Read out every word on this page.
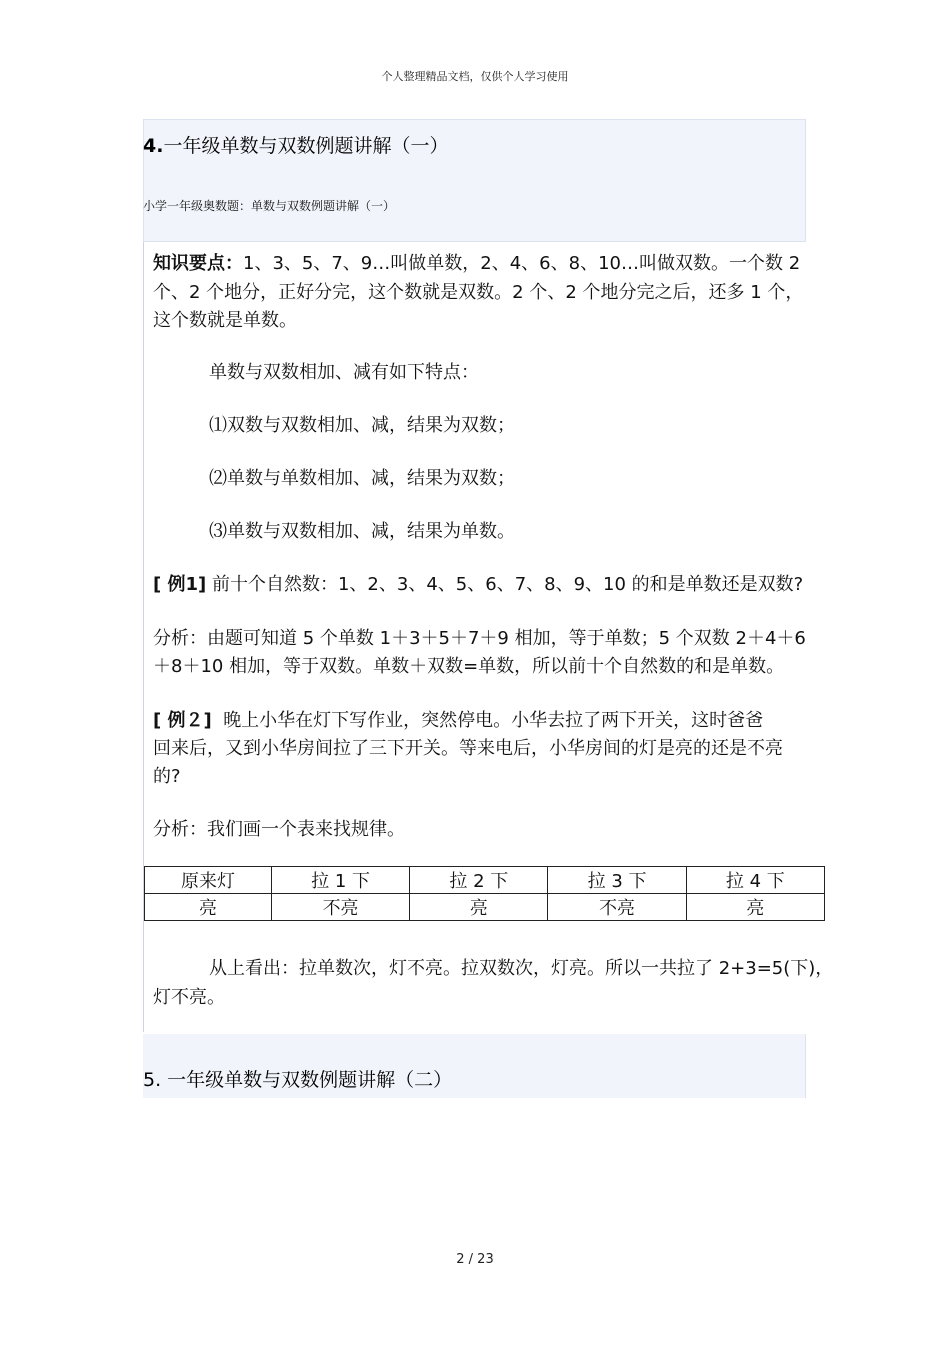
个人整理精品文档，仅供个人学习使用
4.一年级单数与双数例题讲解（一）
小学一年级奥数题：单数与双数例题讲解（一）
知识要点：1、3、5、7、9…叫做单数，2、4、6、8、10…叫做双数。一个数 2
个、2 个地分，正好分完，这个数就是双数。2 个、2 个地分完之后，还多 1 个，
这个数就是单数。
单数与双数相加、减有如下特点：
⑴双数与双数相加、减，结果为双数；
⑵单数与单数相加、减，结果为双数；
⑶单数与双数相加、减，结果为单数。
[ 例1] 前十个自然数：1、2、3、4、5、6、7、8、9、10 的和是单数还是双数?
分析：由题可知道 5 个单数 1＋3＋5＋7＋9 相加，等于单数；5 个双数 2＋4＋6
＋8＋10 相加，等于双数。单数＋双数=单数，所以前十个自然数的和是单数。
[ 例２] 晚上小华在灯下写作业，突然停电。小华去拉了两下开关，这时爸爸
回来后，又到小华房间拉了三下开关。等来电后，小华房间的灯是亮的还是不亮
的?
分析：我们画一个表来找规律。
原来灯	拉 1 下	拉 2 下	拉 3 下	拉 4 下
亮	不亮	亮	不亮	亮
从上看出：拉单数次，灯不亮。拉双数次，灯亮。所以一共拉了 2+3=5(下)，
灯不亮。
5. 一年级单数与双数例题讲解（二）
2 / 23
